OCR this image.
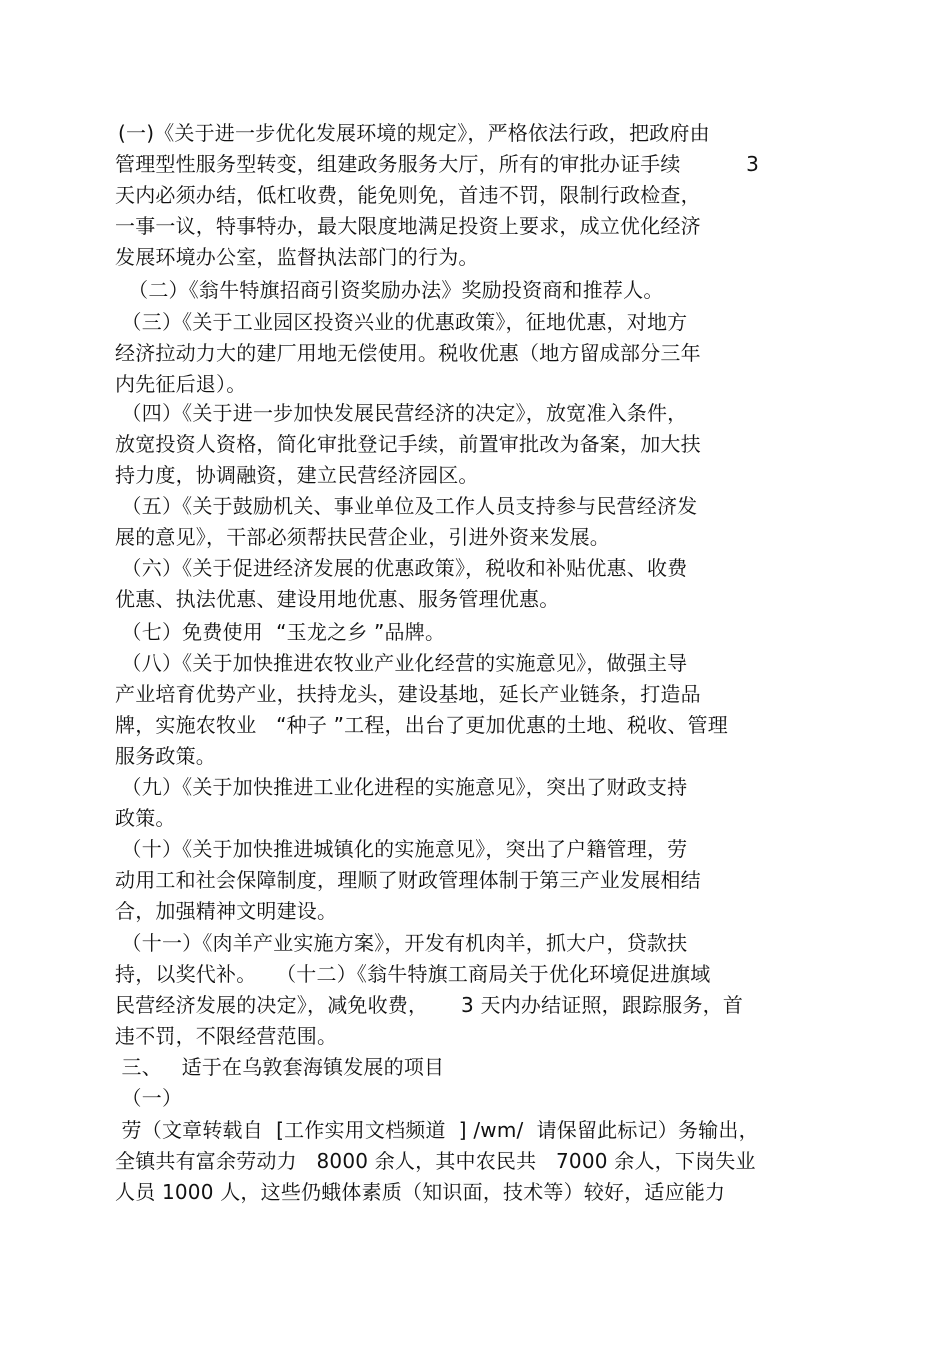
(一)《关于进一步优化发展环境的规定》，严格依法行政，把政府由
管理型性服务型转变，组建政务服务大厅，所有的审批办证手续          3
天内必须办结，低杠收费，能免则免，首违不罚，限制行政检查，
一事一议，特事特办，最大限度地满足投资上要求，成立优化经济
发展环境办公室，监督执法部门的行为。
（二）《翁牛特旗招商引资奖励办法》奖励投资商和推荐人。
（三）《关于工业园区投资兴业的优惠政策》，征地优惠，对地方
经济拉动力大的建厂用地无偿使用。税收优惠（地方留成部分三年
内先征后退）。
（四）《关于进一步加快发展民营经济的决定》，放宽准入条件，
放宽投资人资格，简化审批登记手续，前置审批改为备案，加大扶
持力度，协调融资，建立民营经济园区。
（五）《关于鼓励机关、事业单位及工作人员支持参与民营经济发
展的意见》，干部必须帮扶民营企业，引进外资来发展。
（六）《关于促进经济发展的优惠政策》，税收和补贴优惠、收费
优惠、执法优惠、建设用地优惠、服务管理优惠。
（七）免费使用  “玉龙之乡 ”品牌。
（八）《关于加快推进农牧业产业化经营的实施意见》，做强主导
产业培育优势产业，扶持龙头，建设基地，延长产业链条，打造品
牌，实施农牧业   “种子 ”工程，出台了更加优惠的土地、税收、管理
服务政策。
（九）《关于加快推进工业化进程的实施意见》，突出了财政支持
政策。
（十）《关于加快推进城镇化的实施意见》，突出了户籍管理，劳
动用工和社会保障制度，理顺了财政管理体制于第三产业发展相结
合，加强精神文明建设。
（十一）《肉羊产业实施方案》，开发有机肉羊，抓大户，贷款扶
持，以奖代补。   （十二）《翁牛特旗工商局关于优化环境促进旗域
民营经济发展的决定》，减免收费，     3 天内办结证照，跟踪服务，首
违不罚，不限经营范围。
三、   适于在乌敦套海镇发展的项目
（一）
劳（文章转载自  [工作实用文档频道  ] /wm/  请保留此标记）务输出，
全镇共有富余劳动力   8000 余人，其中农民共   7000 余人，下岗失业
人员 1000 人，这些仍蛾体素质（知识面，技术等）较好，适应能力
